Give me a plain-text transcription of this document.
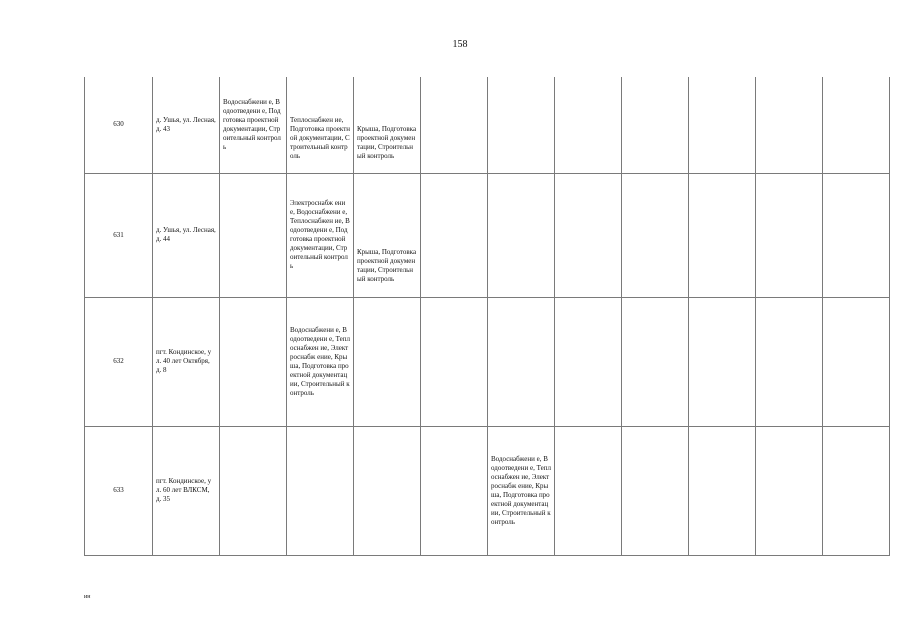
158
630	д. Ушья, ул. Лесная, д. 43	Водоснабжени е, Водоотведени е, Подготовка проектной документации, Строительный контроль	Теплоснабжен ие, Подготовка проектной документации, Строительный контроль	Крыша, Подготовка проектной документации, Строительный контроль							

631	д. Ушья, ул. Лесная, д. 44		Электроснабж ение, Водоснабжени е, Теплоснабжен ие, Водоотведени е, Подготовка проектной документации, Строительный контроль	Крыша, Подготовка проектной документации, Строительный контроль							

632	пгт. Кондинское, ул. 40 лет Октября, д. 8		Водоснабжени е, Водоотведени е, Теплоснабжен ие, Электроснабж ение, Крыша, Подготовка проектной документации, Строительный контроль								

633	пгт. Кондинское, ул. 60 лет ВЛКСМ, д. 35					Водоснабжени е, Водоотведени е, Теплоснабжен ие, Электроснабж ение, Крыша, Подготовка проектной документации, Строительный контроль					

ин
